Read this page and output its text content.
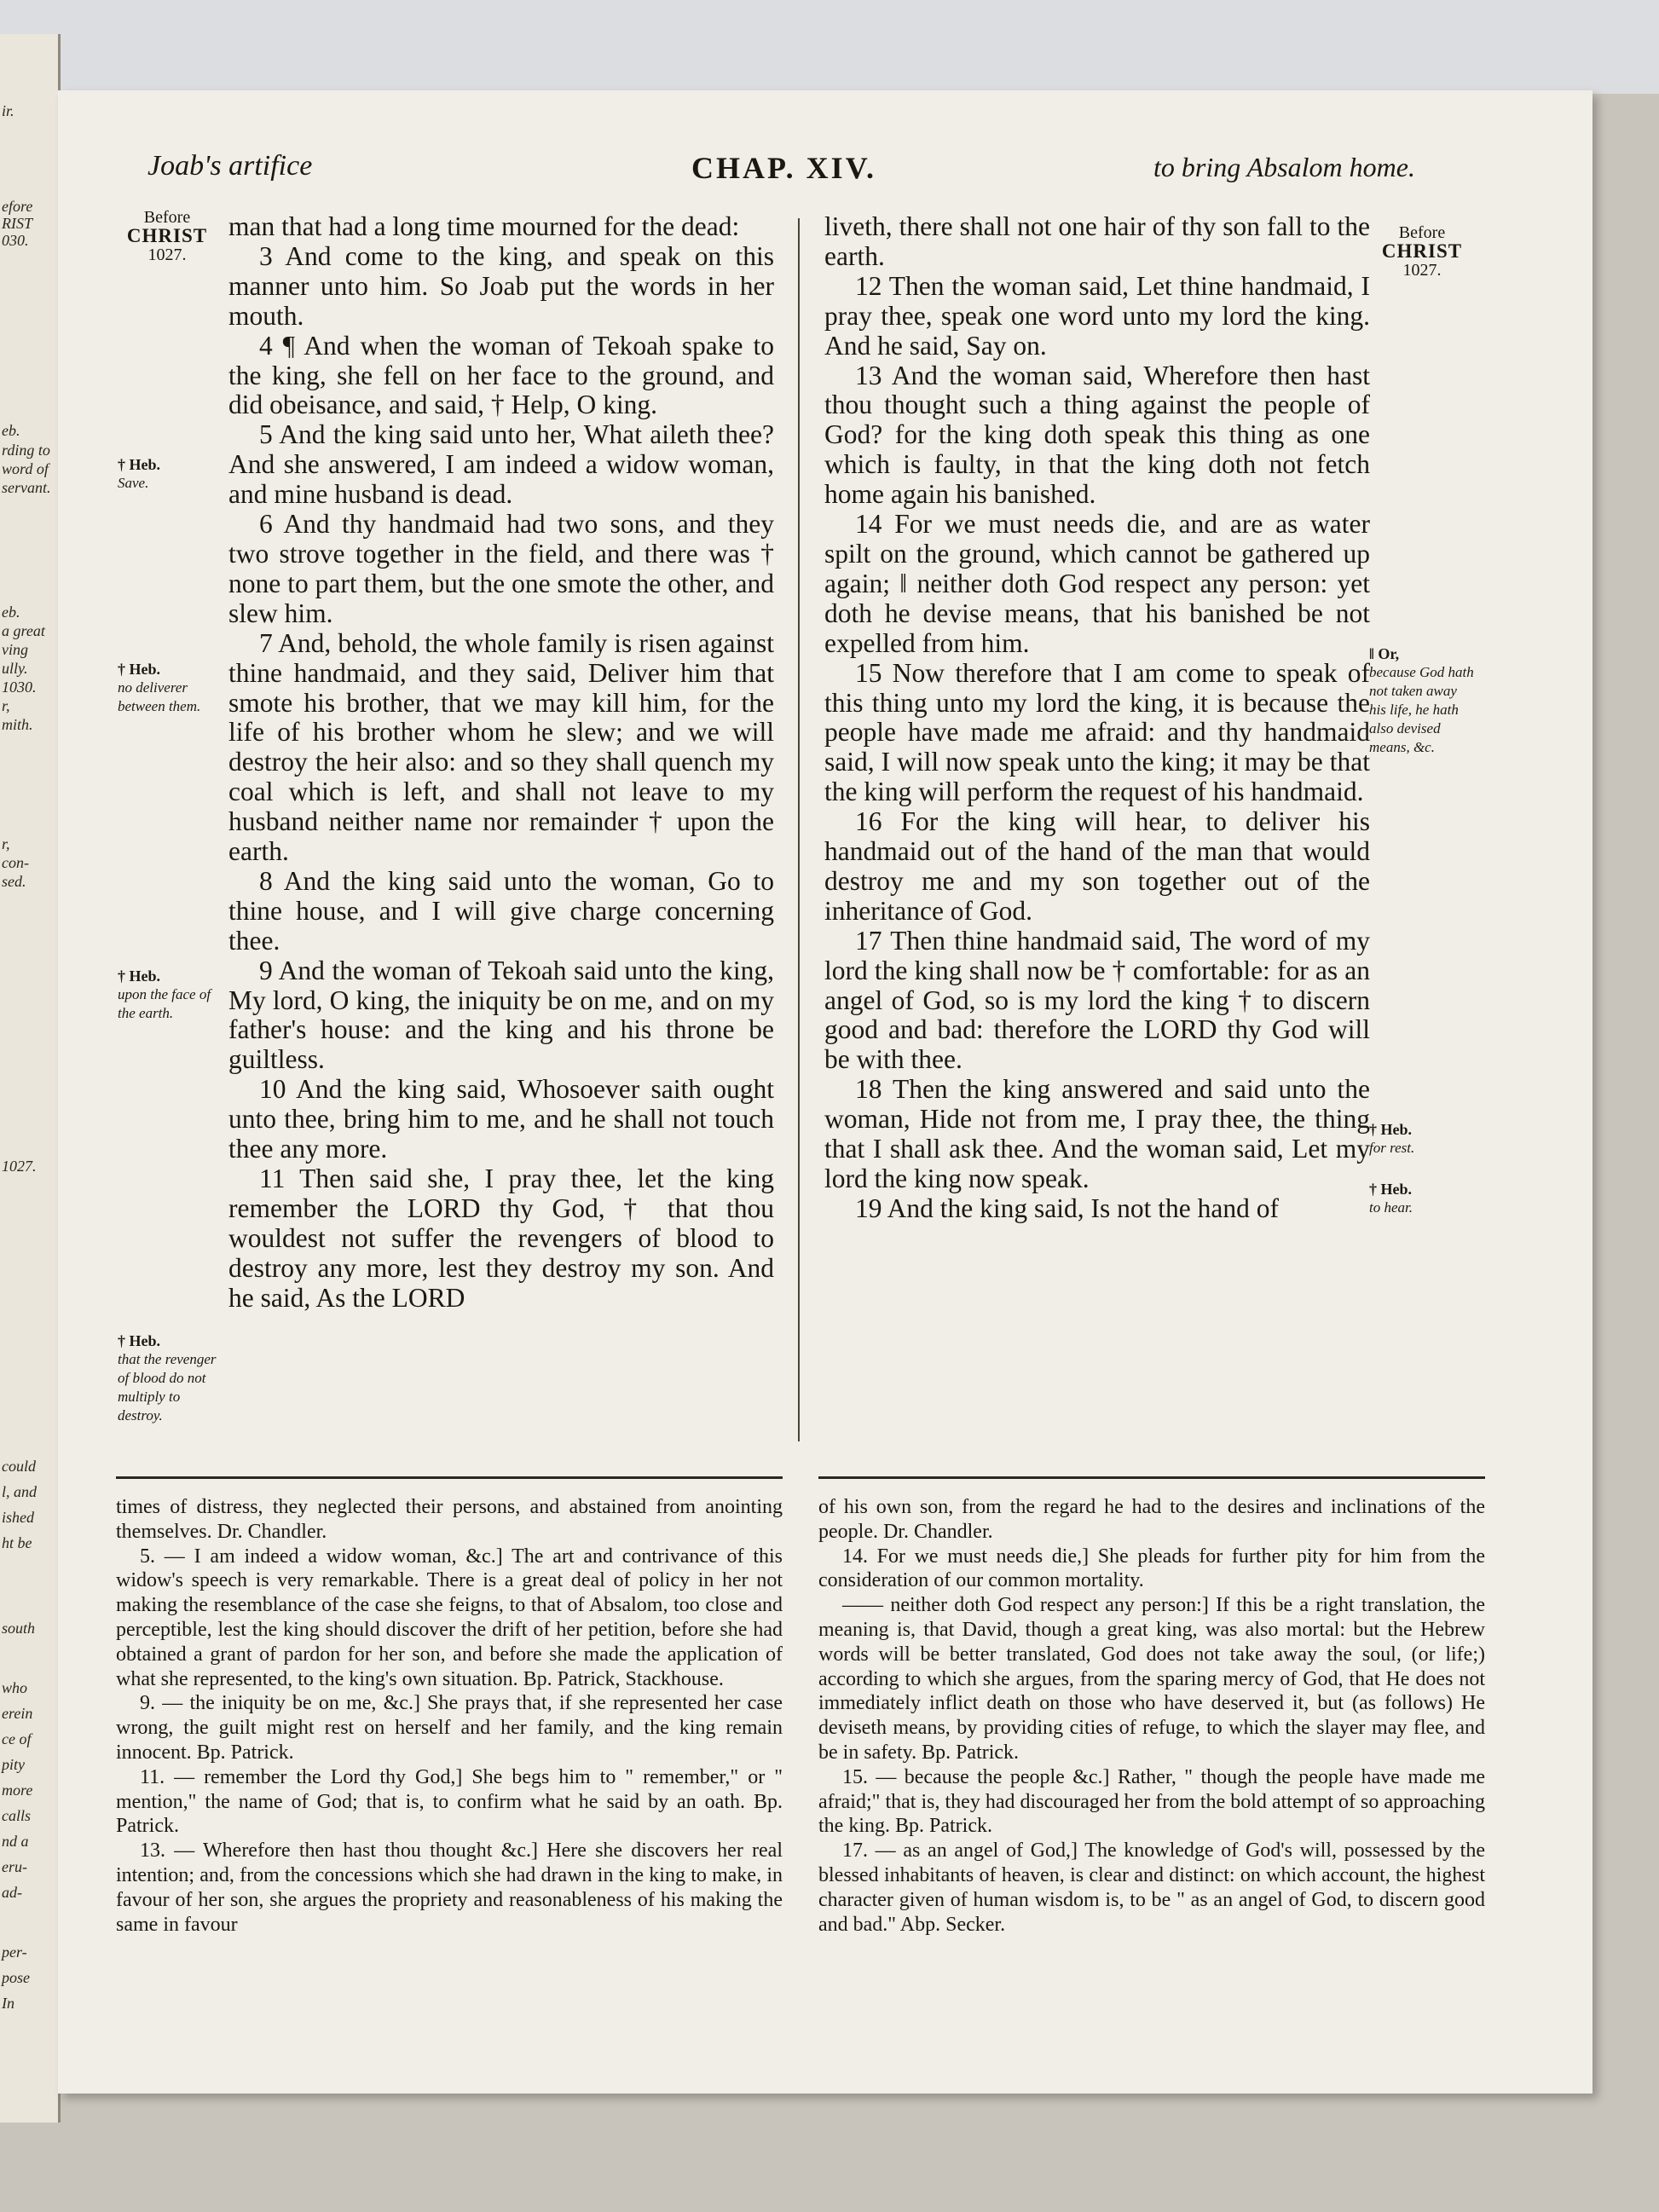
ir.
efore
RIST
030.
eb.
rding to
word of
servant.
eb.
a great
ving
ully.
1030.
r,
mith.
r,
con-
sed.
1027.
could
l, and
ished
ht be
south
who
erein
ce of
pity
more
calls
nd a
eru-
ad-
per-
pose
In
Joab's artifice	CHAP. XIV.	to bring Absalom home.
Before
CHRIST
1027.
Before
CHRIST
1027.
† Heb.
Save.
† Heb.
no deliverer between them.
† Heb.
upon the face of the earth.
† Heb.
that the revenger of blood do not multiply to destroy.
‖ Or,
because God hath not taken away his life, he hath also devised means, &c.
† Heb.
for rest.
† Heb.
to hear.

man that had a long time mourned for the dead:

3 And come to the king, and speak on this manner unto him. So Joab put the words in her mouth.

4 ¶ And when the woman of Tekoah spake to the king, she fell on her face to the ground, and did obeisance, and said, † Help, O king.

5 And the king said unto her, What aileth thee? And she answered, I am indeed a widow woman, and mine husband is dead.

6 And thy handmaid had two sons, and they two strove together in the field, and there was † none to part them, but the one smote the other, and slew him.

7 And, behold, the whole family is risen against thine handmaid, and they said, Deliver him that smote his brother, that we may kill him, for the life of his brother whom he slew; and we will destroy the heir also: and so they shall quench my coal which is left, and shall not leave to my husband neither name nor remainder † upon the earth.

8 And the king said unto the woman, Go to thine house, and I will give charge concerning thee.

9 And the woman of Tekoah said unto the king, My lord, O king, the iniquity be on me, and on my father's house: and the king and his throne be guiltless.

10 And the king said, Whosoever saith ought unto thee, bring him to me, and he shall not touch thee any more.

11 Then said she, I pray thee, let the king remember the LORD thy God, † that thou wouldest not suffer the revengers of blood to destroy any more, lest they destroy my son. And he said, As the LORD

liveth, there shall not one hair of thy son fall to the earth.

12 Then the woman said, Let thine handmaid, I pray thee, speak one word unto my lord the king. And he said, Say on.

13 And the woman said, Wherefore then hast thou thought such a thing against the people of God? for the king doth speak this thing as one which is faulty, in that the king doth not fetch home again his banished.

14 For we must needs die, and are as water spilt on the ground, which cannot be gathered up again; ‖ neither doth God respect any person: yet doth he devise means, that his banished be not expelled from him.

15 Now therefore that I am come to speak of this thing unto my lord the king, it is because the people have made me afraid: and thy handmaid said, I will now speak unto the king; it may be that the king will perform the request of his handmaid.

16 For the king will hear, to deliver his handmaid out of the hand of the man that would destroy me and my son together out of the inheritance of God.

17 Then thine handmaid said, The word of my lord the king shall now be † comfortable: for as an angel of God, so is my lord the king † to discern good and bad: therefore the LORD thy God will be with thee.

18 Then the king answered and said unto the woman, Hide not from me, I pray thee, the thing that I shall ask thee. And the woman said, Let my lord the king now speak.

19 And the king said, Is not the hand of

times of distress, they neglected their persons, and abstained from anointing themselves. Dr. Chandler.

5. — I am indeed a widow woman, &c.] The art and contrivance of this widow's speech is very remarkable. There is a great deal of policy in her not making the resemblance of the case she feigns, to that of Absalom, too close and perceptible, lest the king should discover the drift of her petition, before she had obtained a grant of pardon for her son, and before she made the application of what she represented, to the king's own situation. Bp. Patrick, Stackhouse.

9. — the iniquity be on me, &c.] She prays that, if she represented her case wrong, the guilt might rest on herself and her family, and the king remain innocent. Bp. Patrick.

11. — remember the Lord thy God,] She begs him to " remember," or " mention," the name of God; that is, to confirm what he said by an oath. Bp. Patrick.

13. — Wherefore then hast thou thought &c.] Here she discovers her real intention; and, from the concessions which she had drawn in the king to make, in favour of her son, she argues the propriety and reasonableness of his making the same in favour

of his own son, from the regard he had to the desires and inclinations of the people. Dr. Chandler.

14. For we must needs die,] She pleads for further pity for him from the consideration of our common mortality.

—— neither doth God respect any person:] If this be a right translation, the meaning is, that David, though a great king, was also mortal: but the Hebrew words will be better translated, God does not take away the soul, (or life;) according to which she argues, from the sparing mercy of God, that He does not immediately inflict death on those who have deserved it, but (as follows) He deviseth means, by providing cities of refuge, to which the slayer may flee, and be in safety. Bp. Patrick.

15. — because the people &c.] Rather, " though the people have made me afraid;" that is, they had discouraged her from the bold attempt of so approaching the king. Bp. Patrick.

17. — as an angel of God,] The knowledge of God's will, possessed by the blessed inhabitants of heaven, is clear and distinct: on which account, the highest character given of human wisdom is, to be " as an angel of God, to discern good and bad." Abp. Secker.
